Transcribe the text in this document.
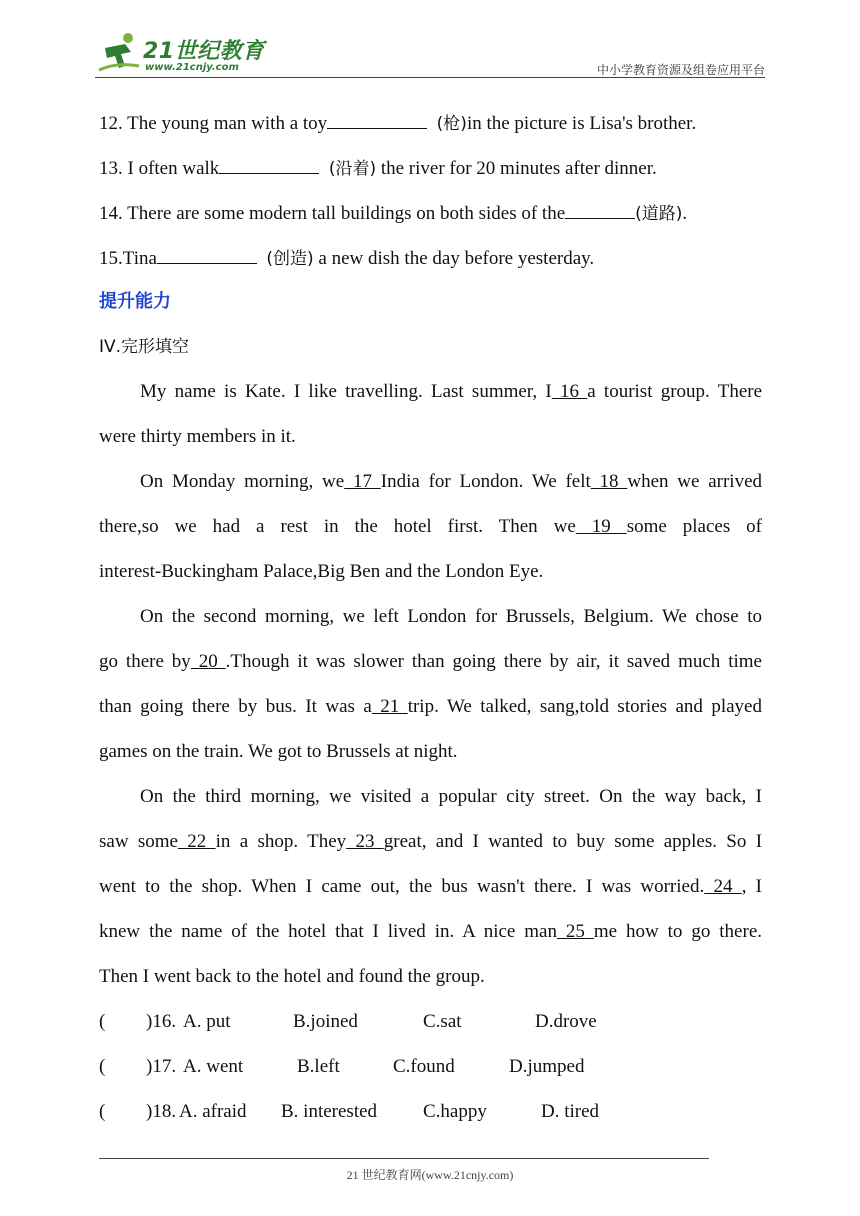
21世纪教育
www.21cnjy.com	中小学教育资源及组卷应用平台
12. The young man with a toy	(枪)in the picture is Lisa's brother.
13. I often walk	(沿着) the river for 20 minutes after dinner.
14. There are some modern tall buildings on both sides of the	(道路).
15.Tina	(创造) a new dish the day before yesterday.
提升能力
IⅤ.完形填空
My name is Kate. I like travelling. Last summer, I 16 a tourist group. There
were thirty members in it.
On Monday morning, we 17 India for London. We felt 18 when we arrived
there,so we had a rest in the hotel first. Then we 19 some places of
interest-Buckingham Palace,Big Ben and the London Eye.
On the second morning, we left London for Brussels, Belgium. We chose to
go there by 20 .Though it was slower than going there by air, it saved much time
than going there by bus. It was a 21 trip. We talked, sang,told stories and played
games on the train. We got to Brussels at night.
On the third morning, we visited a popular city street. On the way back, I
saw some 22 in a shop. They 23 great, and I wanted to buy some apples. So I
went to the shop. When I came out, the bus wasn't there. I was worried. 24 , I
knew the name of the hotel that I lived in. A nice man 25 me how to go there.
Then I went back to the hotel and found the group.
( )16. A. put	B.joined	C.sat	D.drove
( )17. A. went	B.left	C.found	D.jumped
( )18. A. afraid B. interested C.happy	D. tired
21 世纪教育网(www.21cnjy.com)
